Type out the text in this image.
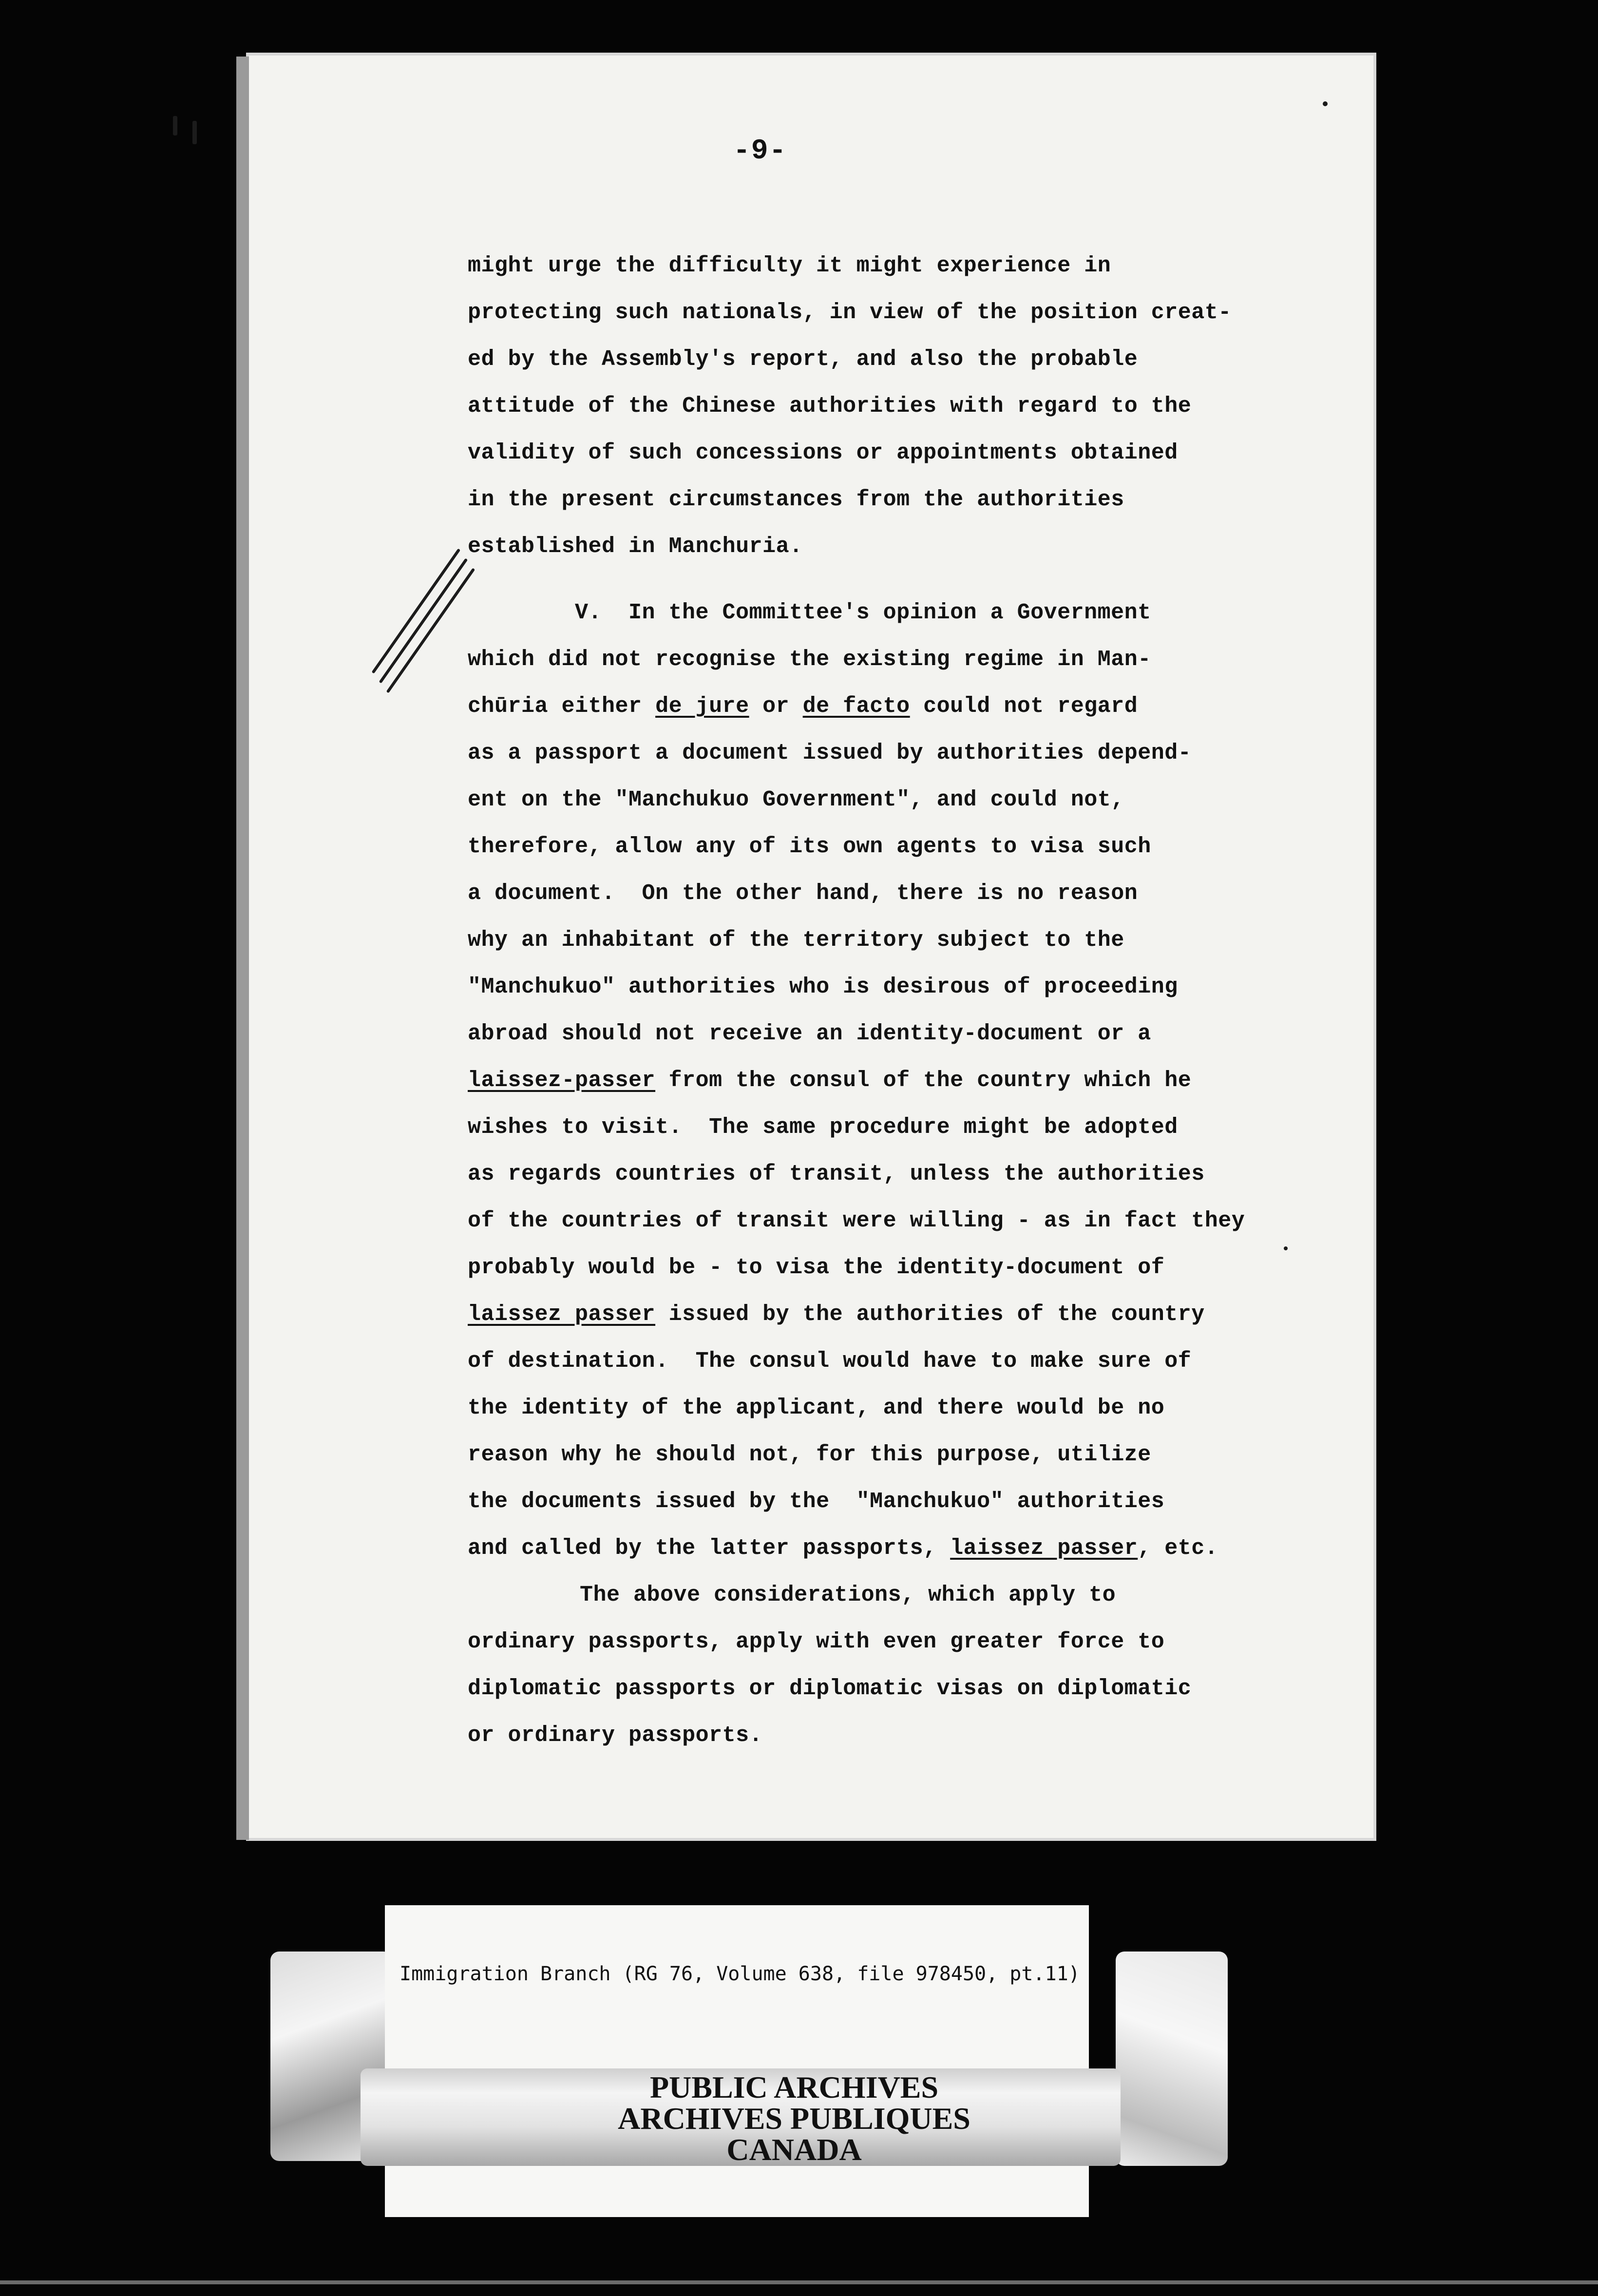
-9-
might urge the difficulty it might experience in
protecting such nationals, in view of the position creat-
ed by the Assembly's report, and also the probable
attitude of the Chinese authorities with regard to the
validity of such concessions or appointments obtained
in the present circumstances from the authorities
established in Manchuria.
V.  In the Committee's opinion a Government
which did not recognise the existing regime in Man-
chūria either de jure or de facto could not regard
as a passport a document issued by authorities depend-
ent on the "Manchukuo Government", and could not,
therefore, allow any of its own agents to visa such
a document.  On the other hand, there is no reason
why an inhabitant of the territory subject to the
"Manchukuo" authorities who is desirous of proceeding
abroad should not receive an identity-document or a
laissez-passer from the consul of the country which he
wishes to visit.  The same procedure might be adopted
as regards countries of transit, unless the authorities
of the countries of transit were willing - as in fact they
probably would be - to visa the identity-document of
laissez passer issued by the authorities of the country
of destination.  The consul would have to make sure of
the identity of the applicant, and there would be no
reason why he should not, for this purpose, utilize
the documents issued by the  "Manchukuo" authorities
and called by the latter passports, laissez passer, etc.
The above considerations, which apply to
ordinary passports, apply with even greater force to
diplomatic passports or diplomatic visas on diplomatic
or ordinary passports.
Immigration Branch (RG 76, Volume 638, file 978450, pt.11)
PUBLIC ARCHIVES
ARCHIVES PUBLIQUES
CANADA
